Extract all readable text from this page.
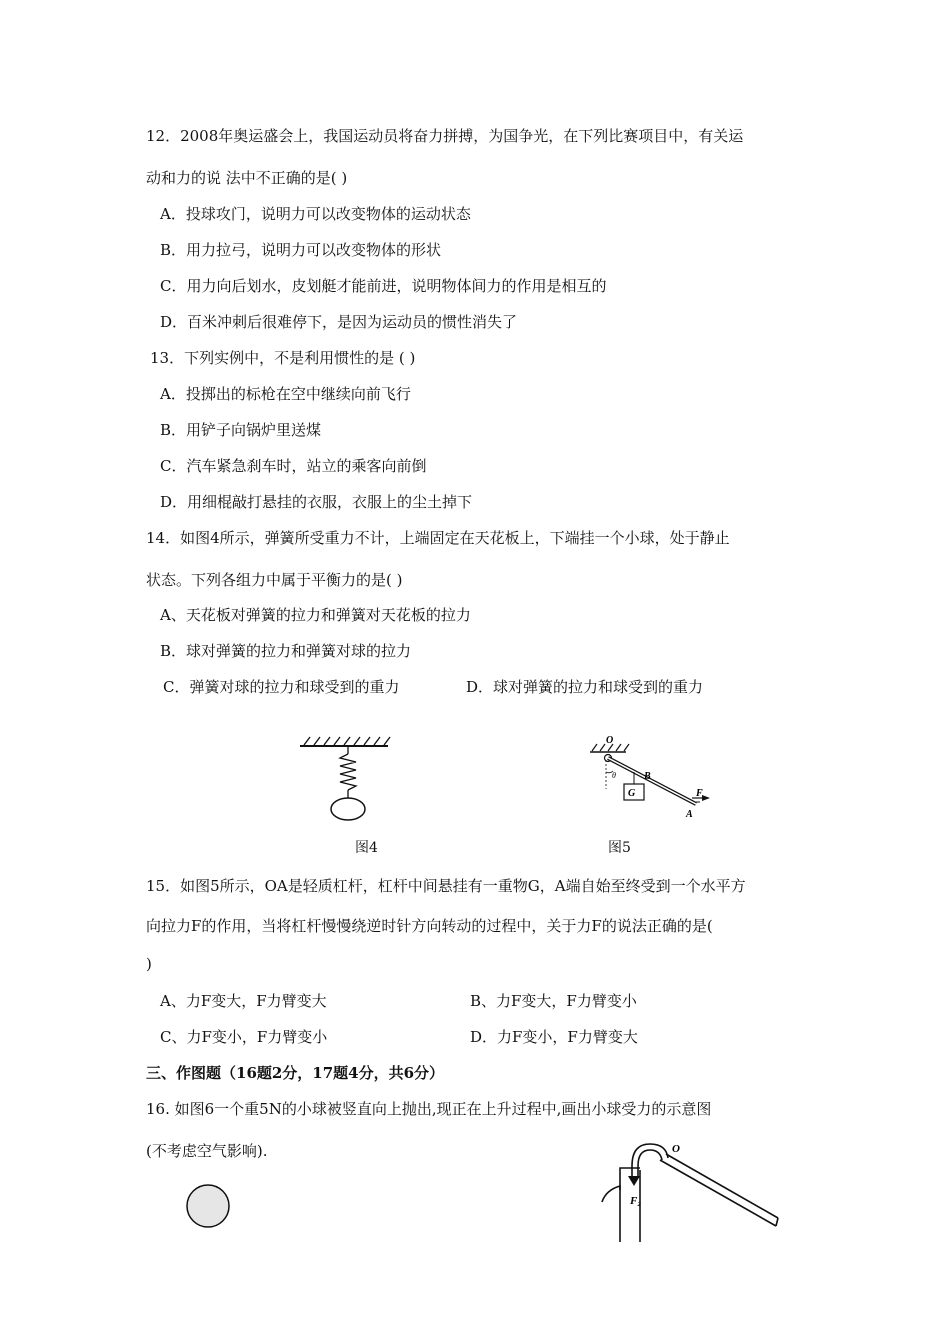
12．2008年奥运盛会上，我国运动员将奋力拼搏，为国争光，在下列比赛项目中，有关运
动和力的说 法中不正确的是( )
A．投球攻门，说明力可以改变物体的运动状态
B．用力拉弓，说明力可以改变物体的形状
C．用力向后划水，皮划艇才能前进，说明物体间力的作用是相互的
D．百米冲刺后很难停下，是因为运动员的惯性消失了
13．下列实例中，不是利用惯性的是 ( )
A．投掷出的标枪在空中继续向前飞行
B．用铲子向锅炉里送煤
C．汽车紧急刹车时，站立的乘客向前倒
D．用细棍敲打悬挂的衣服，衣服上的尘土掉下
14．如图4所示，弹簧所受重力不计，上端固定在天花板上，下端挂一个小球，处于静止
状态。下列各组力中属于平衡力的是( )
A、天花板对弹簧的拉力和弹簧对天花板的拉力
B．球对弹簧的拉力和弹簧对球的拉力
C．弹簧对球的拉力和球受到的重力	D．球对弹簧的拉力和球受到的重力
图4
O
θ	B
G
A
F
图5
15．如图5所示，OA是轻质杠杆，杠杆中间悬挂有一重物G，A端自始至终受到一个水平方
向拉力F的作用，当将杠杆慢慢绕逆时针方向转动的过程中，关于力F的说法正确的是(
)
A、力F变大，F力臂变大	B、力F变大，F力臂变小
C、力F变小，F力臂变小	D．力F变小，F力臂变大
三、作图题（16题2分，17题4分，共6分）
16. 如图6一个重5N的小球被竖直向上抛出,现正在上升过程中,画出小球受力的示意图
(不考虑空气影响).
F₂
O
